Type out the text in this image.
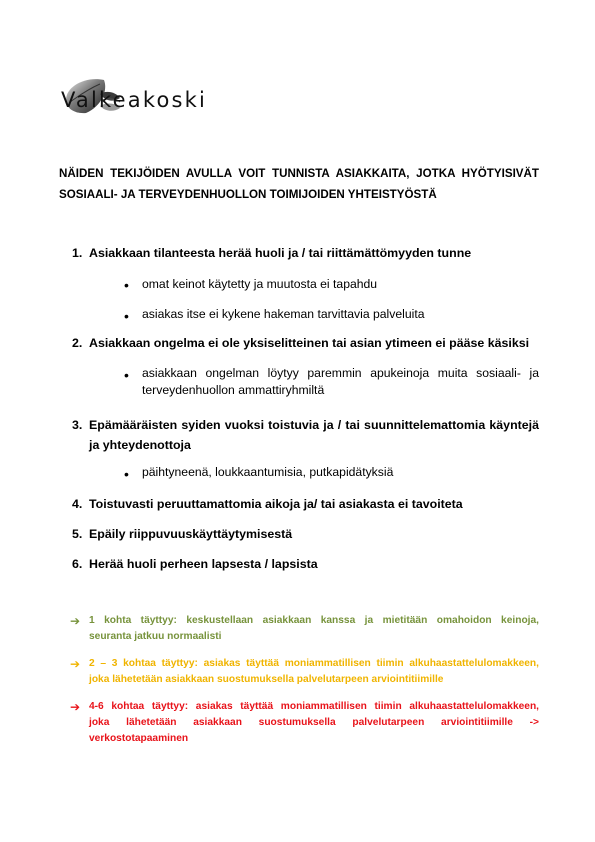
Valkeakoski
NÄIDEN TEKIJÖIDEN AVULLA VOIT TUNNISTA ASIAKKAITA, JOTKA HYÖTYISIVÄT
SOSIAALI- JA TERVEYDENHUOLLON TOIMIJOIDEN YHTEISTYÖSTÄ
1. Asiakkaan tilanteesta herää huoli ja / tai riittämättömyyden tunne
• omat keinot käytetty ja muutosta ei tapahdu
• asiakas itse ei kykene hakeman tarvittavia palveluita
2. Asiakkaan ongelma ei ole yksiselitteinen tai asian ytimeen ei pääse käsiksi
• asiakkaan ongelman löytyy paremmin apukeinoja muita sosiaali- ja
terveydenhuollon ammattiryhmiltä
3. Epämääräisten syiden vuoksi toistuvia ja / tai suunnittelemattomia käyntejä
ja yhteydenottoja
• päihtyneenä, loukkaantumisia, putkapidätyksiä
4. Toistuvasti peruuttamattomia aikoja ja/ tai asiakasta ei tavoiteta
5. Epäily riippuvuuskäyttäytymisestä
6. Herää huoli perheen lapsesta / lapsista
➔ 1 kohta täyttyy: keskustellaan asiakkaan kanssa ja mietitään omahoidon keinoja,
seuranta jatkuu normaalisti
➔ 2 – 3 kohtaa täyttyy: asiakas täyttää moniammatillisen tiimin alkuhaastattelulomakkeen,
joka lähetetään asiakkaan suostumuksella palvelutarpeen arviointitiimille
➔ 4-6 kohtaa täyttyy: asiakas täyttää moniammatillisen tiimin alkuhaastattelulomakkeen,
joka lähetetään asiakkaan suostumuksella palvelutarpeen arviointitiimille ->
verkostotapaaminen
